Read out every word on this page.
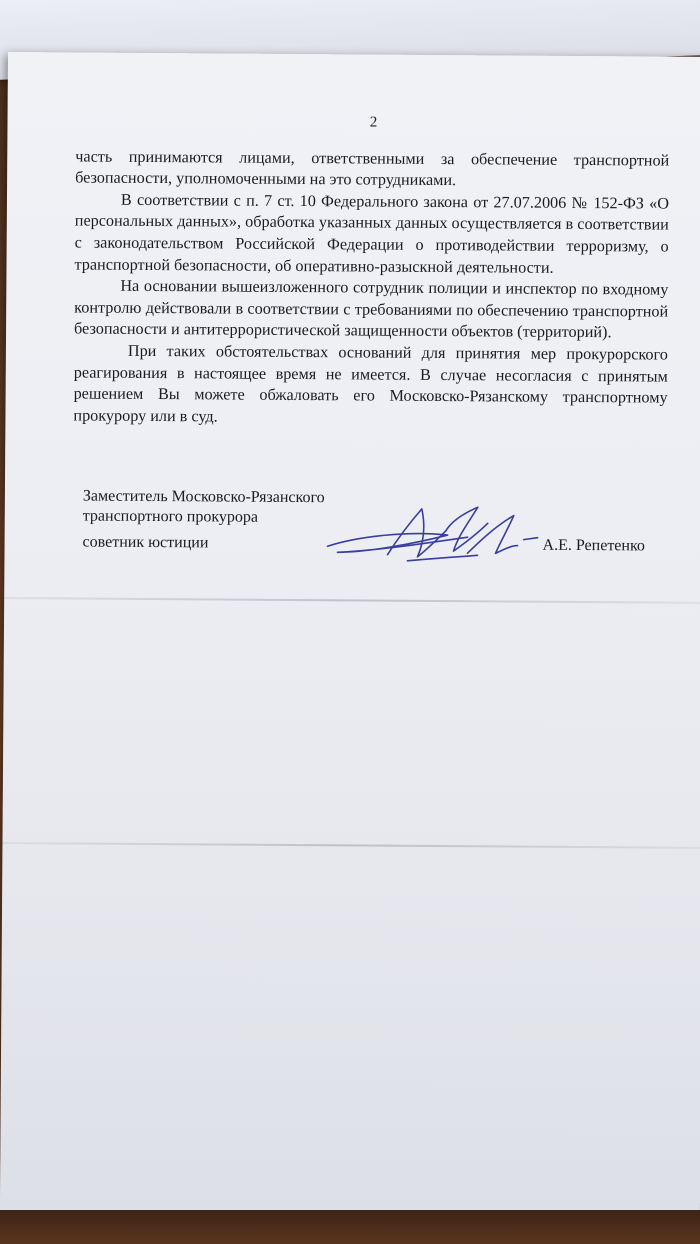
2

часть принимаются лицами, ответственными за обеспечение транспортной безопасности, уполномоченными на это сотрудниками.

В соответствии с п. 7 ст. 10 Федерального закона от 27.07.2006 № 152-ФЗ «О персональных данных», обработка указанных данных осуществляется в соответствии с законодательством Российской Федерации о противодействии терроризму, о транспортной безопасности, об оперативно-разыскной деятельности.

На основании вышеизложенного сотрудник полиции и инспектор по входному контролю действовали в соответствии с требованиями по обеспечению транспортной безопасности и антитеррористической защищенности объектов (территорий).

При таких обстоятельствах оснований для принятия мер прокурорского реагирования в настоящее время не имеется. В случае несогласия с принятым решением Вы можете обжаловать его Московско-Рязанскому транспортному прокурору или в суд.

Заместитель Московско-Рязанского
транспортного прокурора
советник юстиции	А.Е. Репетенко
